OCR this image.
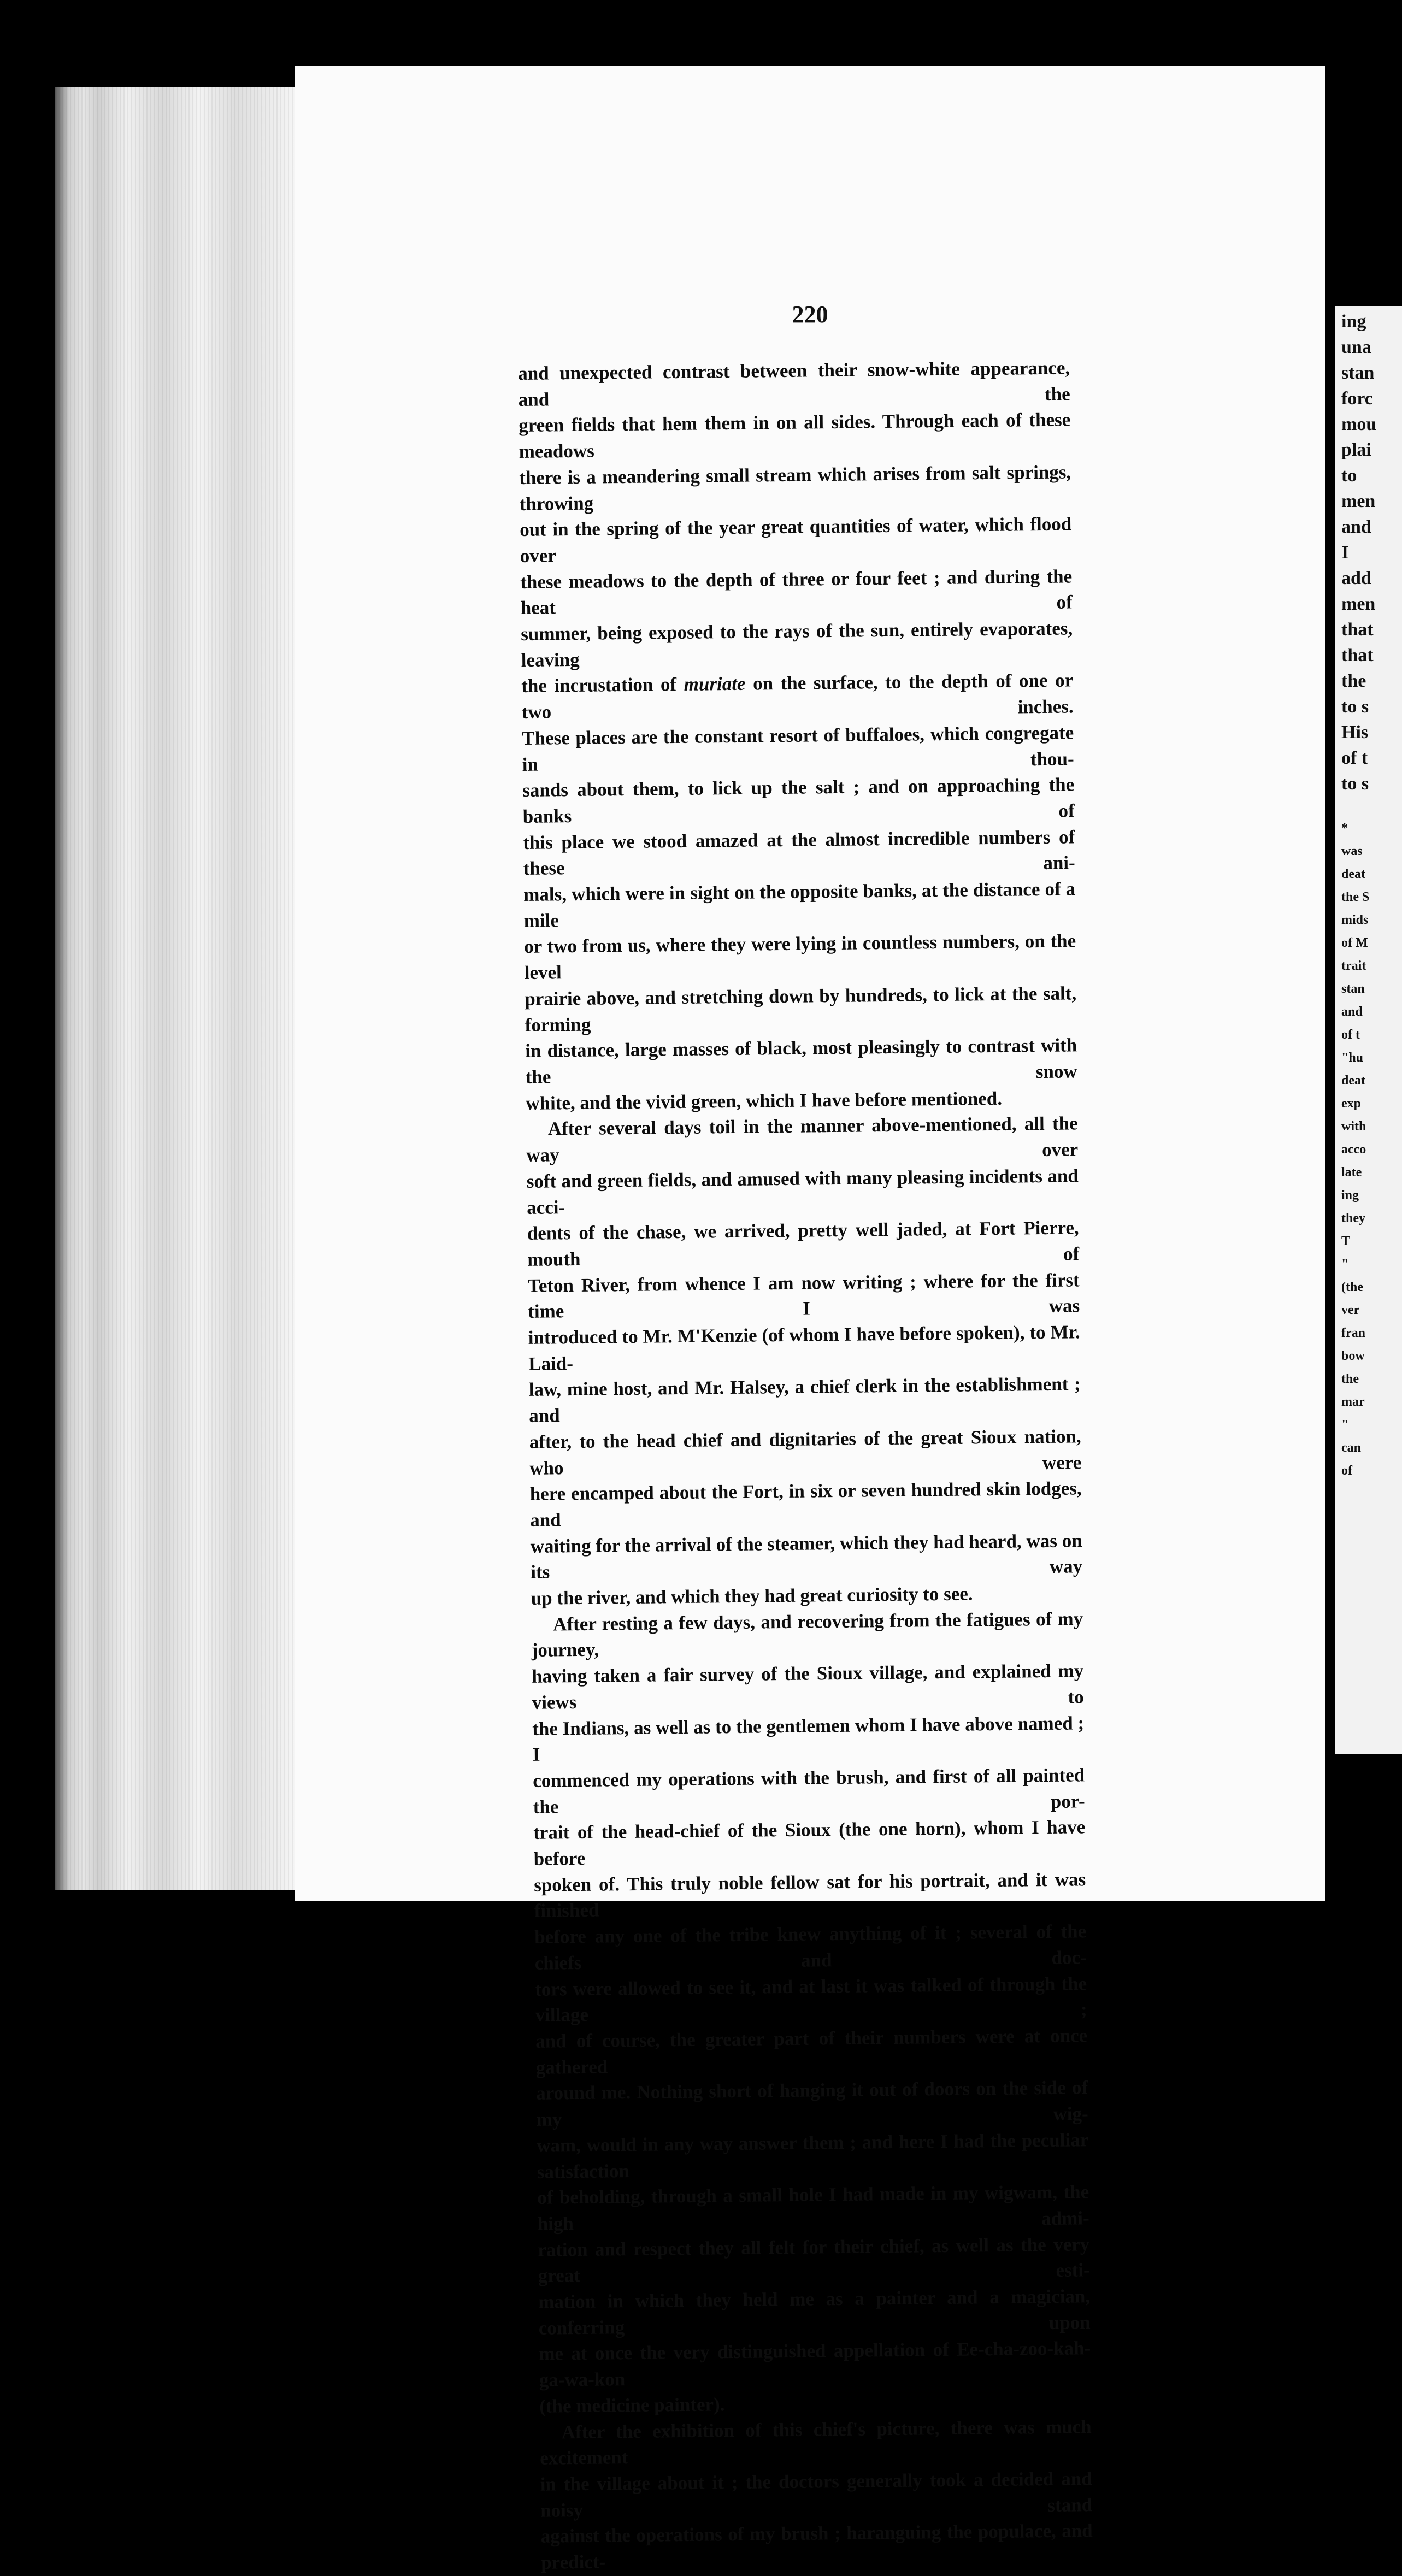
220

and unexpected contrast between their snow-white appearance, and the

green fields that hem them in on all sides. Through each of these meadows

there is a meandering small stream which arises from salt springs, throwing

out in the spring of the year great quantities of water, which flood over

these meadows to the depth of three or four feet ; and during the heat of

summer, being exposed to the rays of the sun, entirely evaporates, leaving

the incrustation of muriate on the surface, to the depth of one or two inches.

These places are the constant resort of buffaloes, which congregate in thou-

sands about them, to lick up the salt ; and on approaching the banks of

this place we stood amazed at the almost incredible numbers of these ani-

mals, which were in sight on the opposite banks, at the distance of a mile

or two from us, where they were lying in countless numbers, on the level

prairie above, and stretching down by hundreds, to lick at the salt, forming

in distance, large masses of black, most pleasingly to contrast with the snow

white, and the vivid green, which I have before mentioned.

After several days toil in the manner above-mentioned, all the way over

soft and green fields, and amused with many pleasing incidents and acci-

dents of the chase, we arrived, pretty well jaded, at Fort Pierre, mouth of

Teton River, from whence I am now writing ; where for the first time I was

introduced to Mr. M'Kenzie (of whom I have before spoken), to Mr. Laid-

law, mine host, and Mr. Halsey, a chief clerk in the establishment ; and

after, to the head chief and dignitaries of the great Sioux nation, who were

here encamped about the Fort, in six or seven hundred skin lodges, and

waiting for the arrival of the steamer, which they had heard, was on its way

up the river, and which they had great curiosity to see.

After resting a few days, and recovering from the fatigues of my journey,

having taken a fair survey of the Sioux village, and explained my views to

the Indians, as well as to the gentlemen whom I have above named ; I

commenced my operations with the brush, and first of all painted the por-

trait of the head-chief of the Sioux (the one horn), whom I have before

spoken of. This truly noble fellow sat for his portrait, and it was finished

before any one of the tribe knew anything of it ; several of the chiefs and doc-

tors were allowed to see it, and at last it was talked of through the village ;

and of course, the greater part of their numbers were at once gathered

around me. Nothing short of hanging it out of doors on the side of my wig-

wam, would in any way answer them ; and here I had the peculiar satisfaction

of beholding, through a small hole I had made in my wigwam, the high admi-

ration and respect they all felt for their chief, as well as the very great esti-

mation in which they held me as a painter and a magician, conferring upon

me at once the very distinguished appellation of Ee-cha-zoo-kah-ga-wa-kon

(the medicine painter).

After the exhibition of this chief's picture, there was much excitement

in the village about it ; the doctors generally took a decided and noisy stand

against the operations of my brush ; haranguing the populace, and predict-

ing
una
stan
forc
mou
plai
to
men
and
I
add
men
that
that
the
to s
His
of t
to s
*
was
deat
the S
mids
of M
trait
stan
and
of t
"hu
deat
exp
with
acco
late
ing
they
T
"
(the
ver
fran
bow
the
mar
"
can
of
